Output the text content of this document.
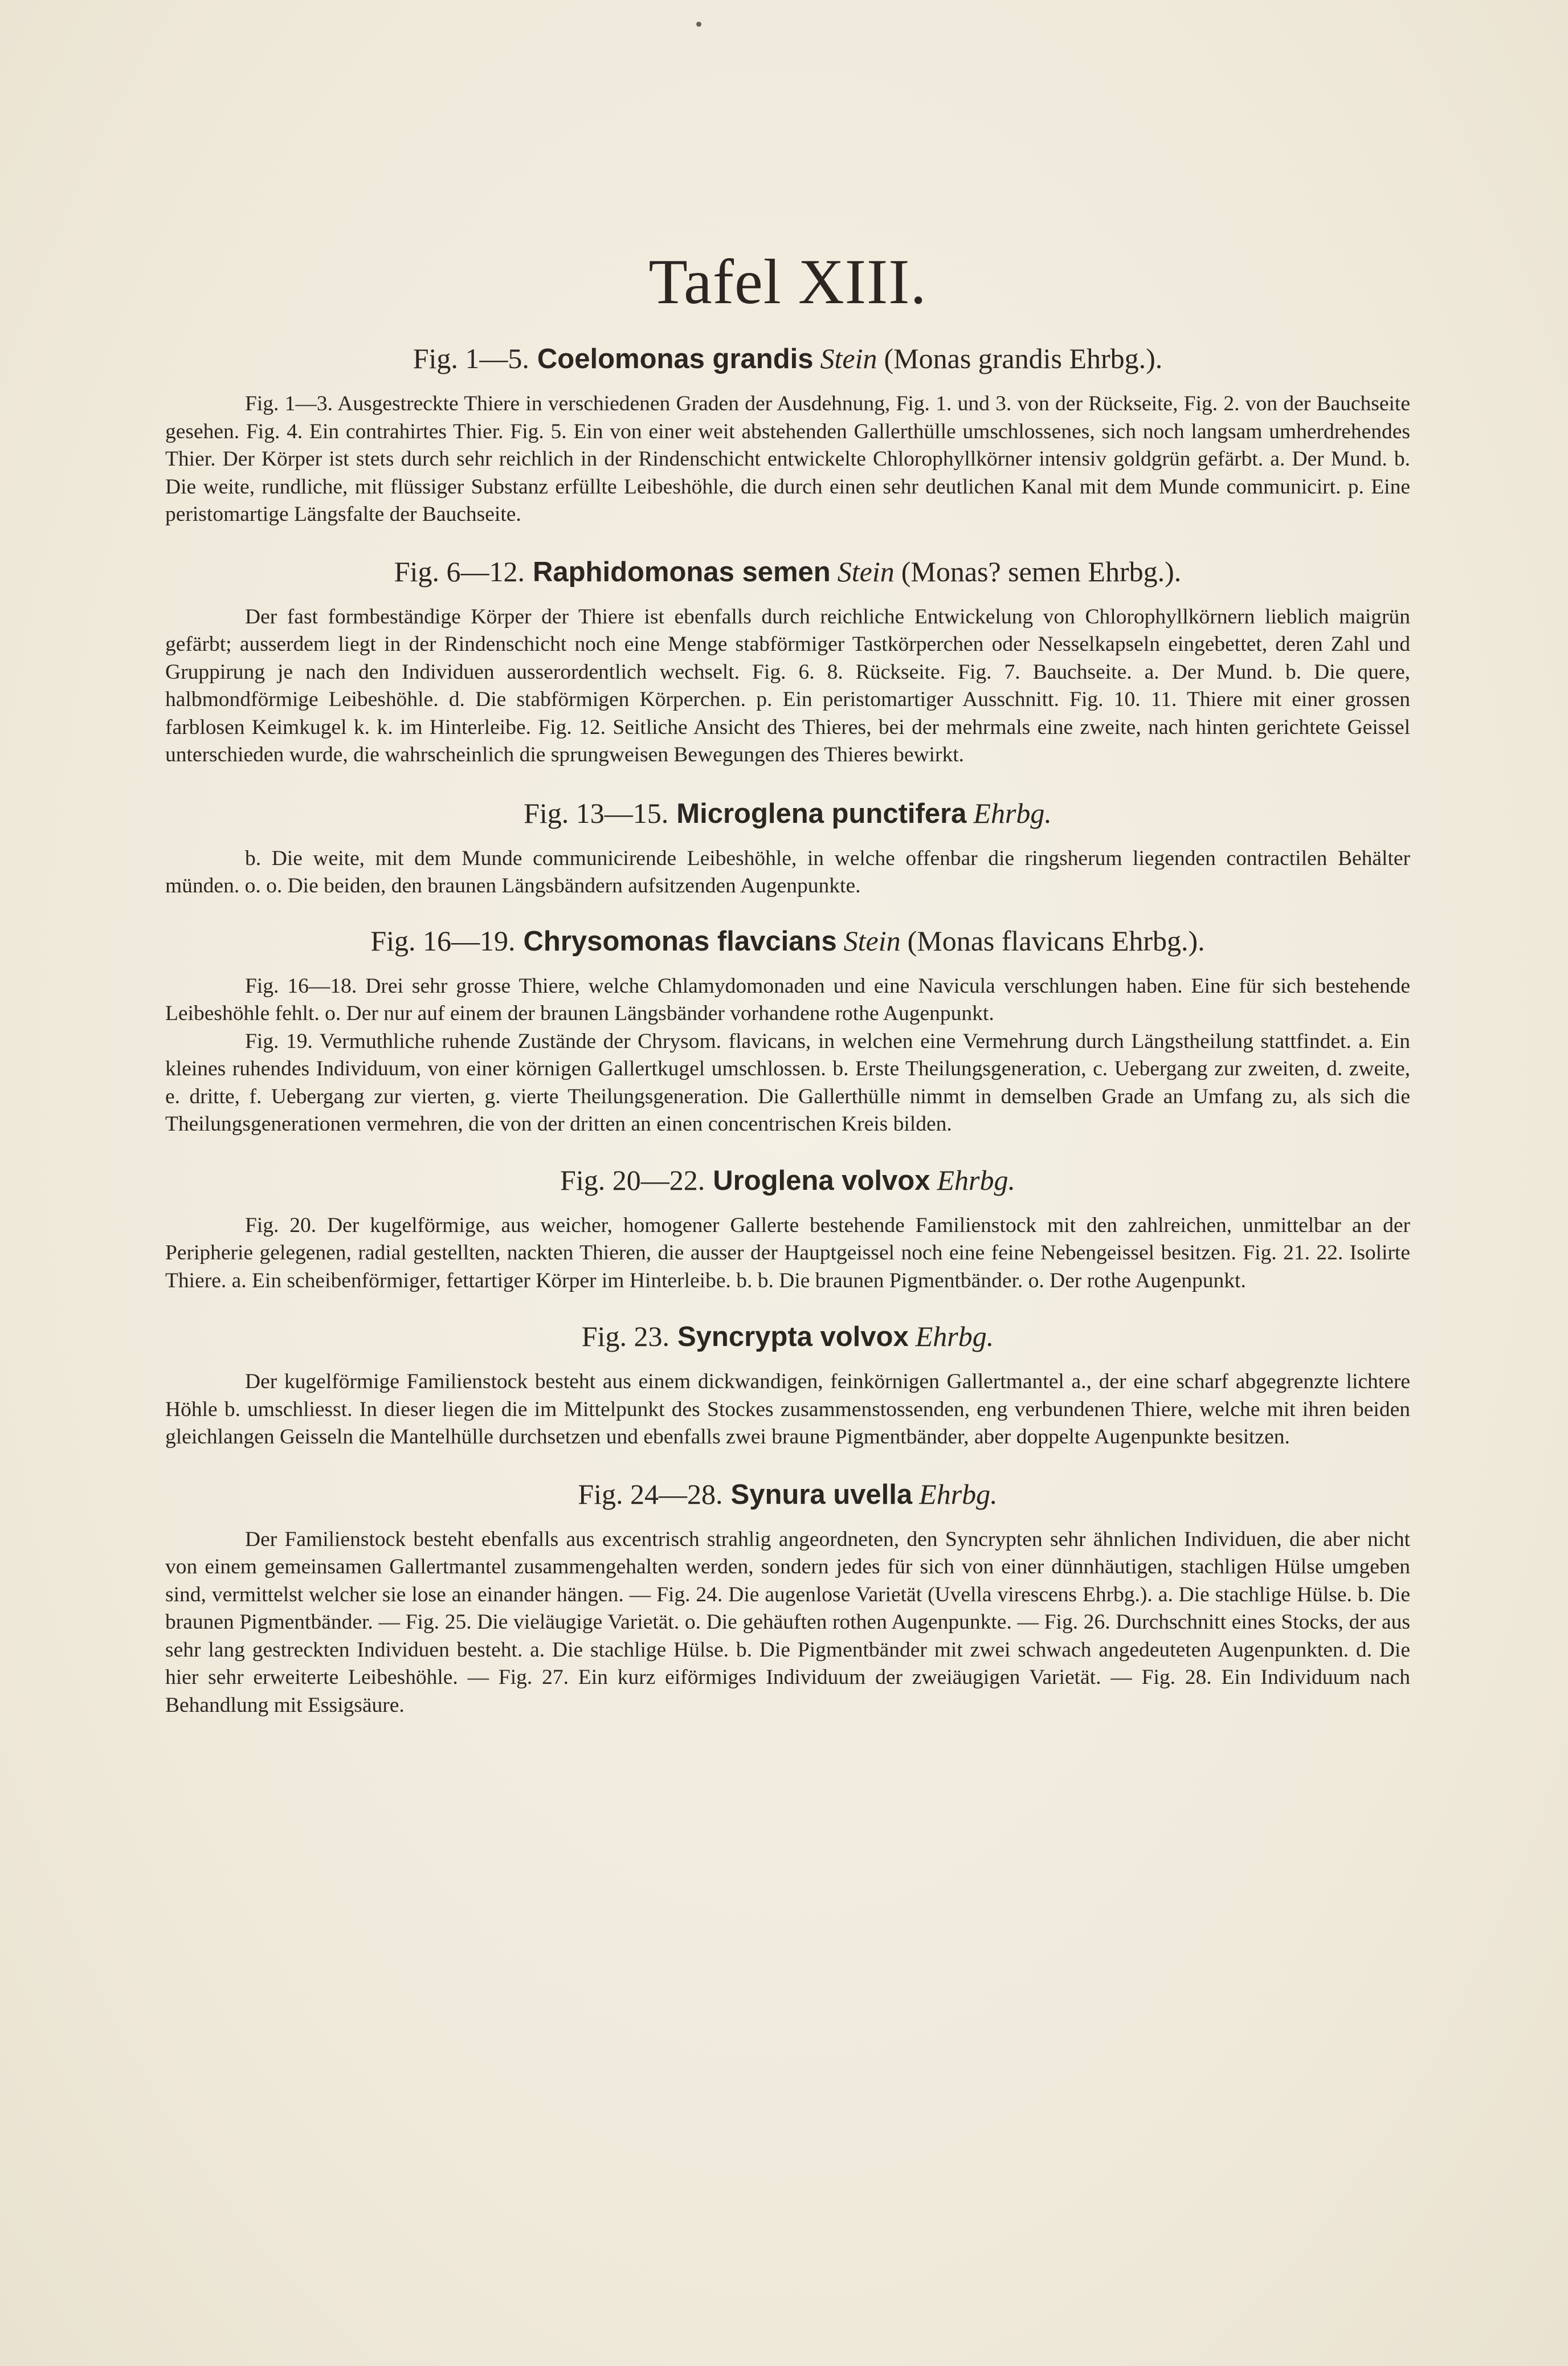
Tafel XIII.
Fig. 1—5. Coelomonas grandis Stein (Monas grandis Ehrbg.).

Fig. 1—3. Ausgestreckte Thiere in verschiedenen Graden der Ausdehnung, Fig. 1. und 3. von der Rückseite, Fig. 2. von der Bauchseite gesehen. Fig. 4. Ein contrahirtes Thier. Fig. 5. Ein von einer weit abstehenden Gallerthülle umschlossenes, sich noch langsam umherdrehendes Thier. Der Körper ist stets durch sehr reichlich in der Rindenschicht entwickelte Chlorophyllkörner intensiv goldgrün gefärbt. a. Der Mund. b. Die weite, rundliche, mit flüssiger Substanz erfüllte Leibeshöhle, die durch einen sehr deutlichen Kanal mit dem Munde communicirt. p. Eine peristomartige Längsfalte der Bauchseite.

Fig. 6—12. Raphidomonas semen Stein (Monas? semen Ehrbg.).

Der fast formbeständige Körper der Thiere ist ebenfalls durch reichliche Entwickelung von Chlorophyllkörnern lieblich maigrün gefärbt; ausserdem liegt in der Rindenschicht noch eine Menge stabförmiger Tastkörperchen oder Nesselkapseln eingebettet, deren Zahl und Gruppirung je nach den Individuen ausserordentlich wechselt. Fig. 6. 8. Rückseite. Fig. 7. Bauchseite. a. Der Mund. b. Die quere, halbmondförmige Leibeshöhle. d. Die stabförmigen Körperchen. p. Ein peristomartiger Ausschnitt. Fig. 10. 11. Thiere mit einer grossen farblosen Keimkugel k. k. im Hinterleibe. Fig. 12. Seitliche Ansicht des Thieres, bei der mehrmals eine zweite, nach hinten gerichtete Geissel unterschieden wurde, die wahrscheinlich die sprungweisen Bewegungen des Thieres bewirkt.

Fig. 13—15. Microglena punctifera Ehrbg.

b. Die weite, mit dem Munde communicirende Leibeshöhle, in welche offenbar die ringsherum liegenden contractilen Behälter münden. o. o. Die beiden, den braunen Längsbändern aufsitzenden Augenpunkte.

Fig. 16—19. Chrysomonas flavcians Stein (Monas flavicans Ehrbg.).

Fig. 16—18. Drei sehr grosse Thiere, welche Chlamydomonaden und eine Navicula verschlungen haben. Eine für sich bestehende Leibeshöhle fehlt. o. Der nur auf einem der braunen Längsbänder vorhandene rothe Augenpunkt.

Fig. 19. Vermuthliche ruhende Zustände der Chrysom. flavicans, in welchen eine Vermehrung durch Längstheilung stattfindet. a. Ein kleines ruhendes Individuum, von einer körnigen Gallertkugel umschlossen. b. Erste Theilungsgeneration, c. Uebergang zur zweiten, d. zweite, e. dritte, f. Uebergang zur vierten, g. vierte Theilungsgeneration. Die Gallerthülle nimmt in demselben Grade an Umfang zu, als sich die Theilungsgenerationen vermehren, die von der dritten an einen concentrischen Kreis bilden.

Fig. 20—22. Uroglena volvox Ehrbg.

Fig. 20. Der kugelförmige, aus weicher, homogener Gallerte bestehende Familienstock mit den zahlreichen, unmittelbar an der Peripherie gelegenen, radial gestellten, nackten Thieren, die ausser der Hauptgeissel noch eine feine Nebengeissel besitzen. Fig. 21. 22. Isolirte Thiere. a. Ein scheibenförmiger, fettartiger Körper im Hinterleibe. b. b. Die braunen Pigmentbänder. o. Der rothe Augenpunkt.

Fig. 23. Syncrypta volvox Ehrbg.

Der kugelförmige Familienstock besteht aus einem dickwandigen, feinkörnigen Gallertmantel a., der eine scharf abgegrenzte lichtere Höhle b. umschliesst. In dieser liegen die im Mittelpunkt des Stockes zusammenstossenden, eng verbundenen Thiere, welche mit ihren beiden gleichlangen Geisseln die Mantelhülle durchsetzen und ebenfalls zwei braune Pigmentbänder, aber doppelte Augenpunkte besitzen.

Fig. 24—28. Synura uvella Ehrbg.

Der Familienstock besteht ebenfalls aus excentrisch strahlig angeordneten, den Syncrypten sehr ähnlichen Individuen, die aber nicht von einem gemeinsamen Gallertmantel zusammengehalten werden, sondern jedes für sich von einer dünnhäutigen, stachligen Hülse umgeben sind, vermittelst welcher sie lose an einander hängen. — Fig. 24. Die augenlose Varietät (Uvella virescens Ehrbg.). a. Die stachlige Hülse. b. Die braunen Pigmentbänder. — Fig. 25. Die vieläugige Varietät. o. Die gehäuften rothen Augenpunkte. — Fig. 26. Durchschnitt eines Stocks, der aus sehr lang gestreckten Individuen besteht. a. Die stachlige Hülse. b. Die Pigmentbänder mit zwei schwach angedeuteten Augenpunkten. d. Die hier sehr erweiterte Leibeshöhle. — Fig. 27. Ein kurz eiförmiges Individuum der zweiäugigen Varietät. — Fig. 28. Ein Individuum nach Behandlung mit Essigsäure.
